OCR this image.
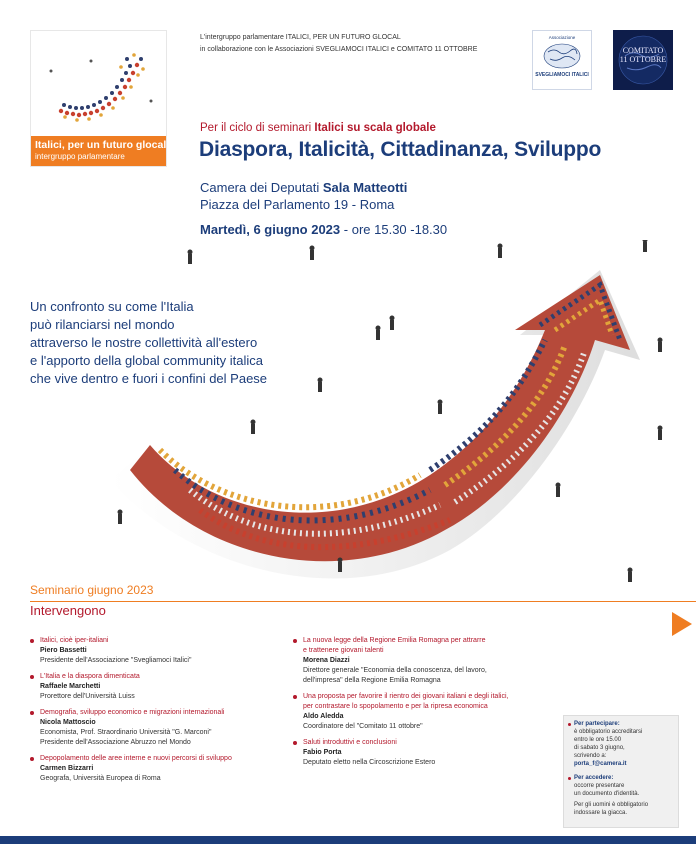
Italici, per un futuro glocal
intergruppo parlamentare
L'intergruppo parlamentare ITALICI, PER UN FUTURO GLOCAL
in collaborazione con le Associazioni SVEGLIAMOCI ITALICI e COMITATO 11 OTTOBRE
Associazione
SVEGLIAMOCI ITALICI
COMITATO
11 OTTOBRE
Per il ciclo di seminari Italici su scala globale
Diaspora, Italicità, Cittadinanza, Sviluppo
Camera dei Deputati Sala Matteotti
Piazza del Parlamento 19 - Roma
Martedì, 6 giugno 2023 - ore 15.30 -18.30
Un confronto su come l'Italia
può rilanciarsi nel mondo
attraverso le nostre collettività all'estero
e l'apporto della global community italica
che vive dentro e fuori i confini del Paese
Seminario giugno 2023
Intervengono
Italici, cioè iper-italiani
Piero Bassetti
Presidente dell'Associazione "Svegliamoci Italici"
L'Italia e la diaspora dimenticata
Raffaele Marchetti
Prorettore dell'Università Luiss
Demografia, sviluppo economico e migrazioni internazionali
Nicola Mattoscio
Economista, Prof. Straordinario Università "G. Marconi"
Presidente dell'Associazione Abruzzo nel Mondo
Depopolamento delle aree interne e nuovi percorsi di sviluppo
Carmen Bizzarri
Geografa, Università Europea di Roma
La nuova legge della Regione Emilia Romagna per attrarre
e trattenere giovani talenti
Morena Diazzi
Direttore generale "Economia della conoscenza, del lavoro,
dell'impresa" della Regione Emilia Romagna
Una proposta per favorire il rientro dei giovani italiani e degli italici,
per contrastare lo spopolamento e per la ripresa economica
Aldo Aledda
Coordinatore del "Comitato 11 ottobre"
Saluti introduttivi e conclusioni
Fabio Porta
Deputato eletto nella Circoscrizione Estero
Per partecipare:
è obbligatorio accreditarsi
entro le ore 15.00
di sabato 3 giugno,
scrivendo a:
porta_f@camera.it
Per accedere:
occorre presentare
un documento d'identità.
Per gli uomini è obbligatorio
indossare la giacca.
